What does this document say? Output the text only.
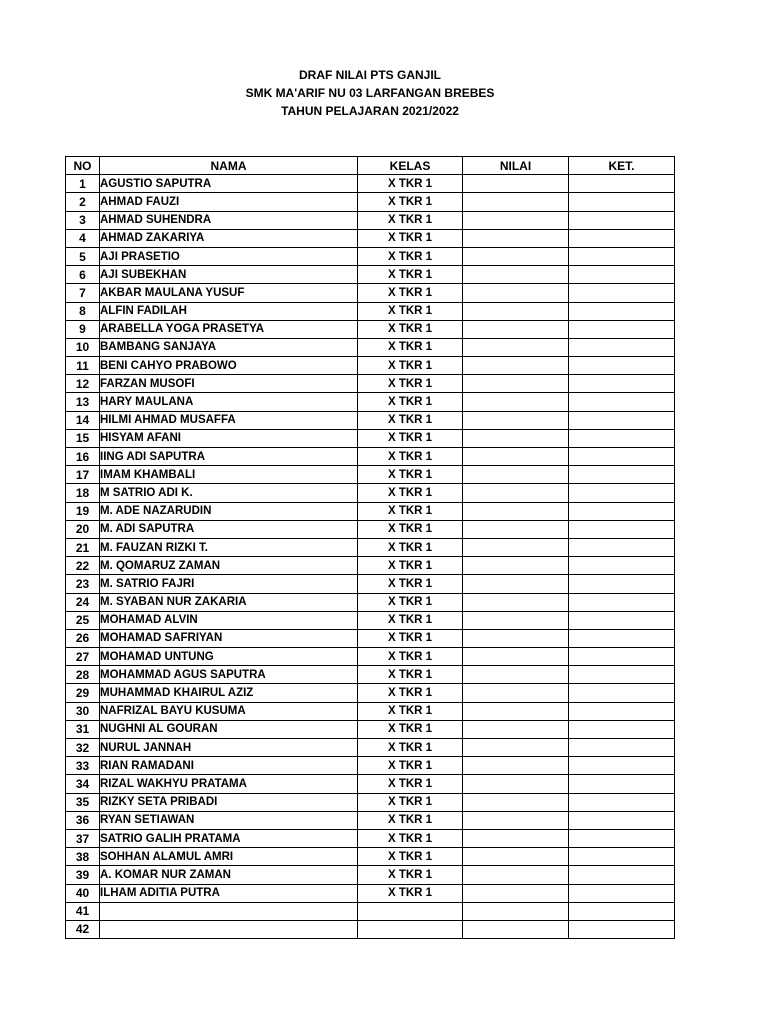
DRAF NILAI PTS GANJIL
SMK MA'ARIF NU 03 LARFANGAN BREBES
TAHUN PELAJARAN 2021/2022
NO	NAMA	KELAS	NILAI	KET.
1	AGUSTIO SAPUTRA	X TKR 1		
2	AHMAD FAUZI	X TKR 1		
3	AHMAD SUHENDRA	X TKR 1		
4	AHMAD ZAKARIYA	X TKR 1		
5	AJI PRASETIO	X TKR 1		
6	AJI SUBEKHAN	X TKR 1		
7	AKBAR MAULANA YUSUF	X TKR 1		
8	ALFIN FADILAH	X TKR 1		
9	ARABELLA YOGA PRASETYA	X TKR 1		
10	BAMBANG SANJAYA	X TKR 1		
11	BENI CAHYO PRABOWO	X TKR 1		
12	FARZAN MUSOFI	X TKR 1		
13	HARY MAULANA	X TKR 1		
14	HILMI AHMAD MUSAFFA	X TKR 1		
15	HISYAM AFANI	X TKR 1		
16	IING ADI SAPUTRA	X TKR 1		
17	IMAM KHAMBALI	X TKR 1		
18	M SATRIO ADI K.	X TKR 1		
19	M. ADE NAZARUDIN	X TKR 1		
20	M. ADI SAPUTRA	X TKR 1		
21	M. FAUZAN RIZKI T.	X TKR 1		
22	M. QOMARUZ ZAMAN	X TKR 1		
23	M. SATRIO FAJRI	X TKR 1		
24	M. SYABAN NUR ZAKARIA	X TKR 1		
25	MOHAMAD ALVIN	X TKR 1		
26	MOHAMAD SAFRIYAN	X TKR 1		
27	MOHAMAD UNTUNG	X TKR 1		
28	MOHAMMAD AGUS SAPUTRA	X TKR 1		
29	MUHAMMAD KHAIRUL AZIZ	X TKR 1		
30	NAFRIZAL BAYU KUSUMA	X TKR 1		
31	NUGHNI AL GOURAN	X TKR 1		
32	NURUL JANNAH	X TKR 1		
33	RIAN RAMADANI	X TKR 1		
34	RIZAL WAKHYU PRATAMA	X TKR 1		
35	RIZKY SETA PRIBADI	X TKR 1		
36	RYAN SETIAWAN	X TKR 1		
37	SATRIO GALIH PRATAMA	X TKR 1		
38	SOHHAN ALAMUL AMRI	X TKR 1		
39	A. KOMAR NUR ZAMAN	X TKR 1		
40	ILHAM ADITIA PUTRA	X TKR 1		
41				
42				
